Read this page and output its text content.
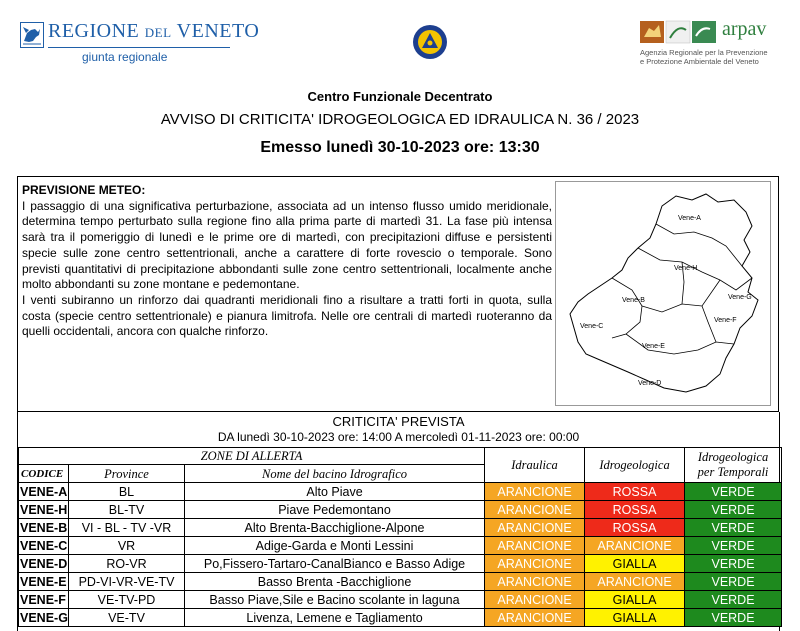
REGIONE DEL VENETO
giunta regionale
arpav
Agenzia Regionale per la Prevenzione
e Protezione Ambientale del Veneto
Centro Funzionale Decentrato
AVVISO DI CRITICITA' IDROGEOLOGICA ED IDRAULICA N. 36 / 2023
Emesso lunedì 30-10-2023 ore: 13:30
PREVISIONE METEO:

I passaggio di una significativa perturbazione, associata ad un intenso flusso umido meridionale, determina tempo perturbato sulla regione fino alla prima parte di martedì 31. La fase più intensa sarà tra il pomeriggio di lunedì e le prime ore di martedì, con precipitazioni diffuse e persistenti specie sulle zone centro settentrionali, anche a carattere di forte rovescio o temporale. Sono previsti quantitativi di precipitazione abbondanti sulle zone centro settentrionali, localmente anche molto abbondanti su zone montane e pedemontane.

I venti subiranno un rinforzo dai quadranti meridionali fino a risultare a tratti forti in quota, sulla costa (specie centro settentrionale) e pianura limitrofa. Nelle ore centrali di martedì ruoteranno da quelli occidentali, ancora con qualche rinforzo.

Vene-A
Vene-H
Vene-G
Vene-B
Vene-F
Vene-C
Vene-E
Vene-D
CRITICITA' PREVISTA
DA lunedì 30-10-2023 ore: 14:00 A mercoledì 01-11-2023 ore: 00:00
ZONE DI ALLERTA			Idraulica	Idrogeologica	Idrogeologica
per Temporali

CODICE	Province	Nome del bacino Idrografico			
VENE-A	BL	Alto Piave	ARANCIONE	ROSSA	VERDE
VENE-H	BL-TV	Piave Pedemontano	ARANCIONE	ROSSA	VERDE
VENE-B	VI - BL - TV -VR	Alto Brenta-Bacchiglione-Alpone	ARANCIONE	ROSSA	VERDE
VENE-C	VR	Adige-Garda e Monti Lessini	ARANCIONE	ARANCIONE	VERDE
VENE-D	RO-VR	Po,Fissero-Tartaro-CanalBianco e Basso Adige	ARANCIONE	GIALLA	VERDE
VENE-E	PD-VI-VR-VE-TV	Basso Brenta -Bacchiglione	ARANCIONE	ARANCIONE	VERDE
VENE-F	VE-TV-PD	Basso Piave,Sile e Bacino scolante in laguna	ARANCIONE	GIALLA	VERDE
VENE-G	VE-TV	Livenza, Lemene e Tagliamento	ARANCIONE	GIALLA	VERDE
